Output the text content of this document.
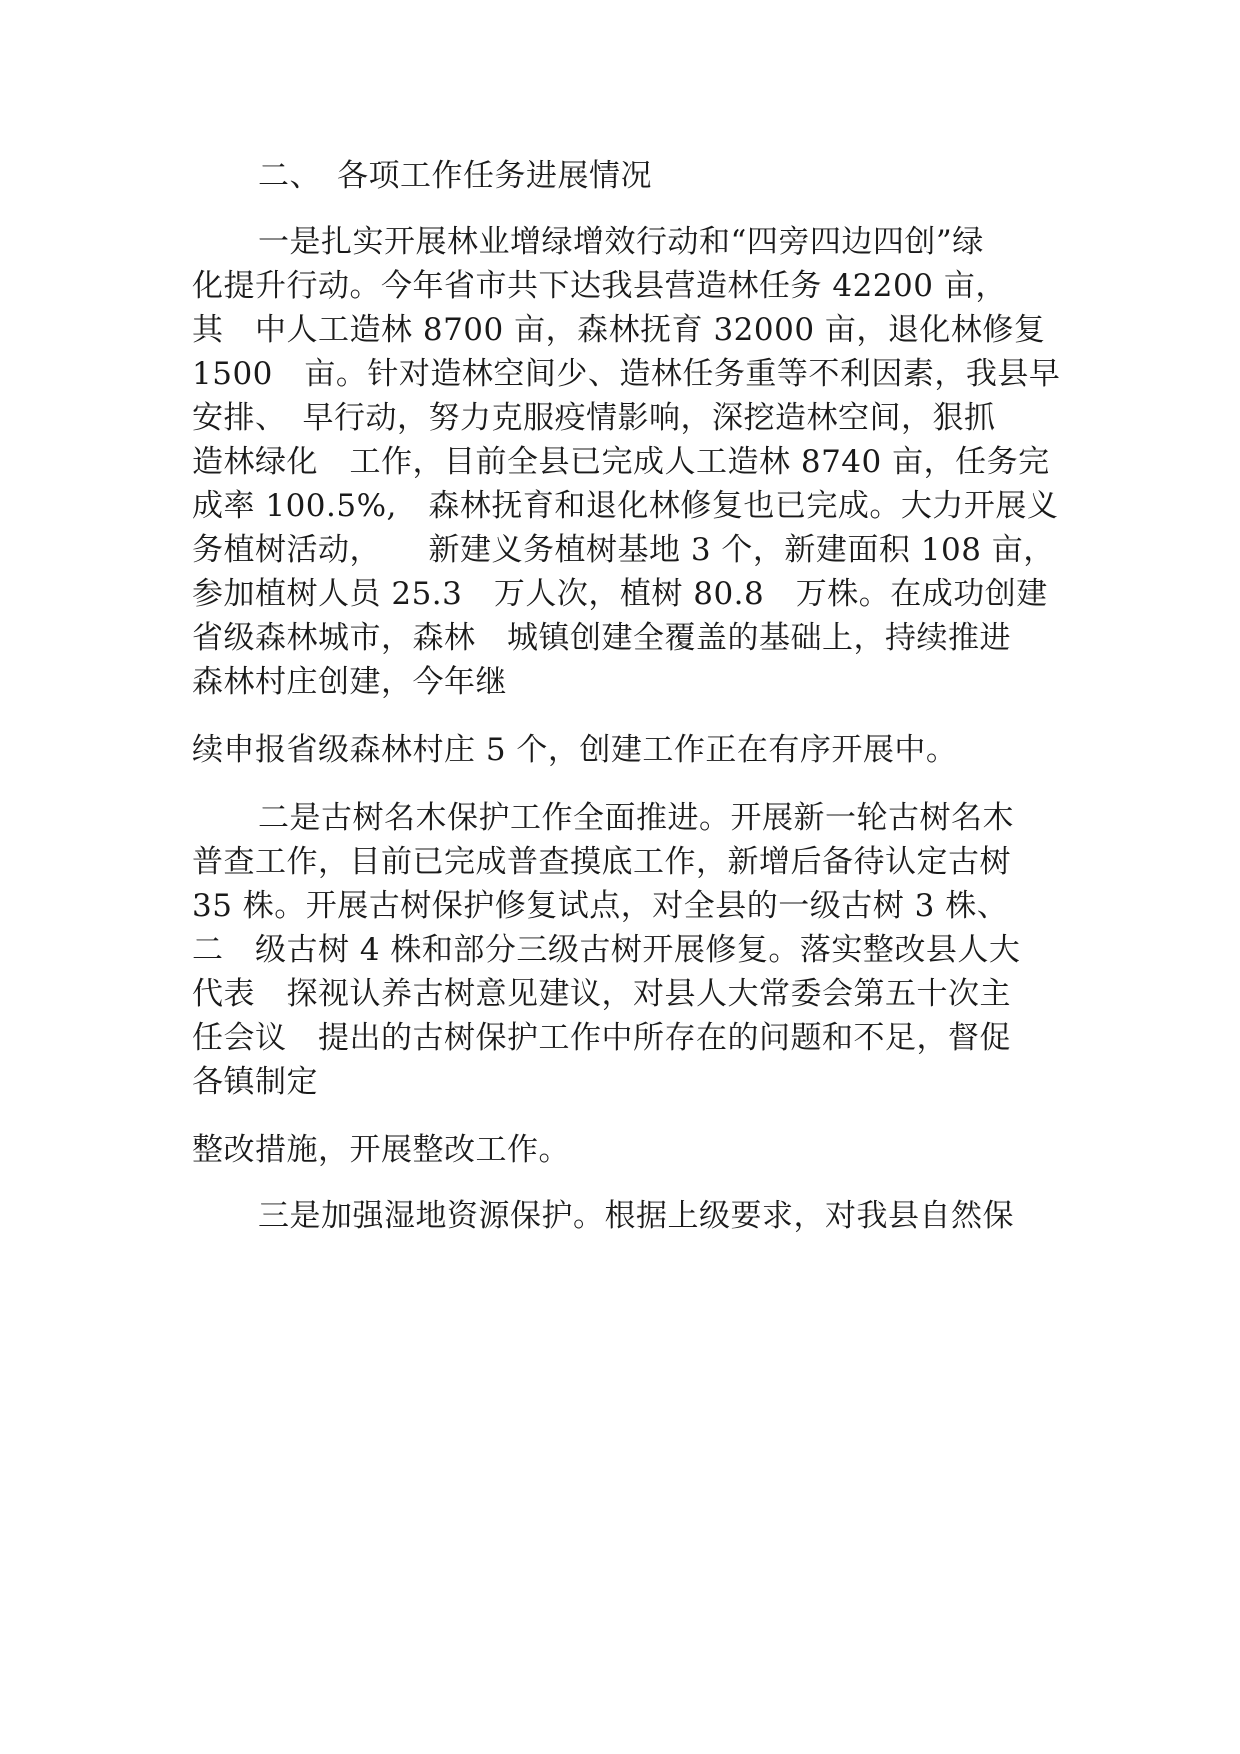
二、　各项工作任务进展情况
一是扎实开展林业增绿增效行动和“四旁四边四创”绿
化提升行动。今年省市共下达我县营造林任务 42200 亩，
其　中人工造林 8700 亩，森林抚育 32000 亩，退化林修复
1500　亩。针对造林空间少、造林任务重等不利因素，我县早
安排、　早行动，努力克服疫情影响，深挖造林空间，狠抓
造林绿化　工作，目前全县已完成人工造林 8740 亩，任务完
成率 100.5%,　森林抚育和退化林修复也已完成。大力开展义
务植树活动，　　新建义务植树基地 3 个，新建面积 108 亩，
参加植树人员 25.3　万人次，植树 80.8　万株。在成功创建
省级森林城市，森林　城镇创建全覆盖的基础上，持续推进
森林村庄创建，今年继
续申报省级森林村庄 5 个，创建工作正在有序开展中。
二是古树名木保护工作全面推进。开展新一轮古树名木
普查工作，目前已完成普查摸底工作，新增后备待认定古树
35 株。开展古树保护修复试点，对全县的一级古树 3 株、
二　级古树 4 株和部分三级古树开展修复。落实整改县人大
代表　探视认养古树意见建议，对县人大常委会第五十次主
任会议　提出的古树保护工作中所存在的问题和不足，督促
各镇制定
整改措施，开展整改工作。
三是加强湿地资源保护。根据上级要求，对我县自然保
